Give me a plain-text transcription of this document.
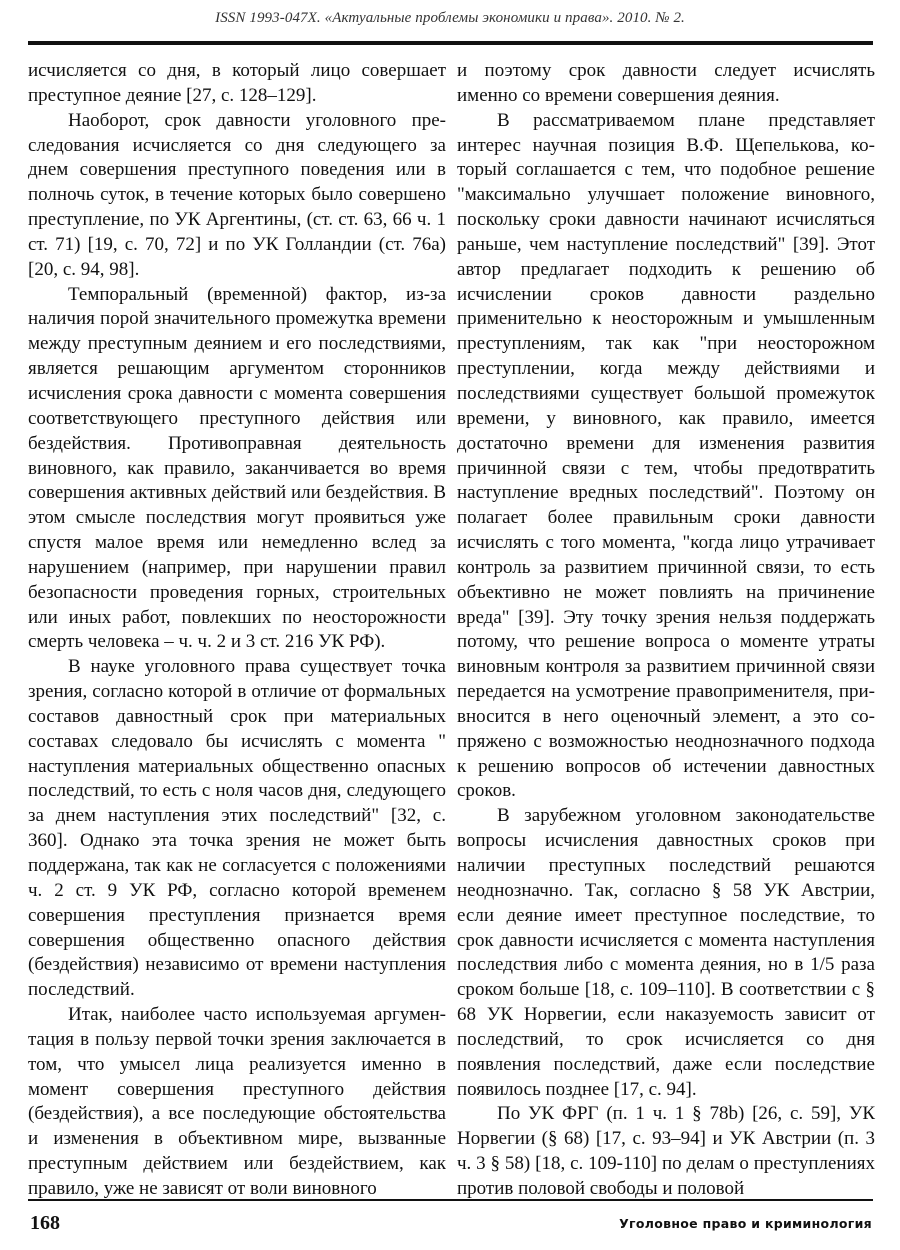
ISSN 1993-047X. «Актуальные проблемы экономики и права». 2010. № 2.

исчисляется со дня, в который лицо совершает преступное деяние [27, с. 128–129].

Наоборот, срок давности уголовного преследования исчисляется со дня следующего за днем совершения преступного поведения или в полночь суток, в течение которых было совершено преступление, по УК Аргентины, (ст. ст. 63, 66 ч. 1 ст. 71) [19, с. 70, 72] и по УК Голландии (ст. 76а) [20, с. 94, 98].

Темпоральный (временной) фактор, из-за наличия порой значительного промежутка времени между преступным деянием и его последствиями, является решающим аргументом сторонников исчисления срока давности с момента совершения соответствующего преступного действия или бездействия. Противоправная деятельность виновного, как правило, заканчивается во время совершения активных действий или бездействия. В этом смысле последствия могут проявиться уже спустя малое время или немедленно вслед за нарушением (например, при нарушении правил безопасности проведения горных, строительных или иных работ, повлекших по неосторожности смерть человека – ч. ч. 2 и 3 ст. 216 УК РФ).

В науке уголовного права существует точка зрения, согласно которой в отличие от формальных составов давностный срок при материальных составах следовало бы исчислять с момента " наступления материальных общественно опасных последствий, то есть с ноля часов дня, следующего за днем наступления этих последствий" [32, с. 360]. Однако эта точка зрения не может быть поддержана, так как не согласуется с положениями ч. 2 ст. 9 УК РФ, согласно которой временем совершения преступления признается время совершения общественно опасного действия (бездействия) независимо от времени наступления последствий.

Итак, наиболее часто используемая аргументация в пользу первой точки зрения заключается в том, что умысел лица реализуется именно в момент совершения преступного действия (бездействия), а все последующие обстоятельства и изменения в объективном мире, вызванные преступным действием или бездействием, как правило, уже не зависят от воли виновного

и поэтому срок давности следует исчислять именно со времени совершения деяния.

В рассматриваемом плане представляет интерес научная позиция В.Ф. Щепелькова, который соглашается с тем, что подобное решение "максимально улучшает положение виновного, поскольку сроки давности начинают исчисляться раньше, чем наступление последствий" [39]. Этот автор предлагает подходить к решению об исчислении сроков давности раздельно применительно к неосторожным и умышленным преступлениям, так как "при неосторожном преступлении, когда между действиями и последствиями существует большой промежуток времени, у виновного, как правило, имеется достаточно времени для изменения развития причинной связи с тем, чтобы предотвратить наступление вредных последствий". Поэтому он полагает более правильным сроки давности исчислять с того момента, "когда лицо утрачивает контроль за развитием причинной связи, то есть объективно не может повлиять на причинение вреда" [39]. Эту точку зрения нельзя поддержать потому, что решение вопроса о моменте утраты виновным контроля за развитием причинной связи передается на усмотрение правоприменителя, привносится в него оценочный элемент, а это сопряжено с возможностью неоднозначного подхода к решению вопросов об истечении давностных сроков.

В зарубежном уголовном законодательстве вопросы исчисления давностных сроков при наличии преступных последствий решаются неоднозначно. Так, согласно § 58 УК Австрии, если деяние имеет преступное последствие, то срок давности исчисляется с момента наступления последствия либо с момента деяния, но в 1/5 раза сроком больше [18, с. 109–110]. В соответствии с § 68 УК Норвегии, если наказуемость зависит от последствий, то срок исчисляется со дня появления последствий, даже если последствие появилось позднее [17, с. 94].

По УК ФРГ (п. 1 ч. 1 § 78b) [26, с. 59], УК Норвегии (§ 68) [17, с. 93–94] и УК Австрии (п. 3 ч. 3 § 58) [18, с. 109-110] по делам о преступлениях против половой свободы и половой

168	Уголовное право и криминология
